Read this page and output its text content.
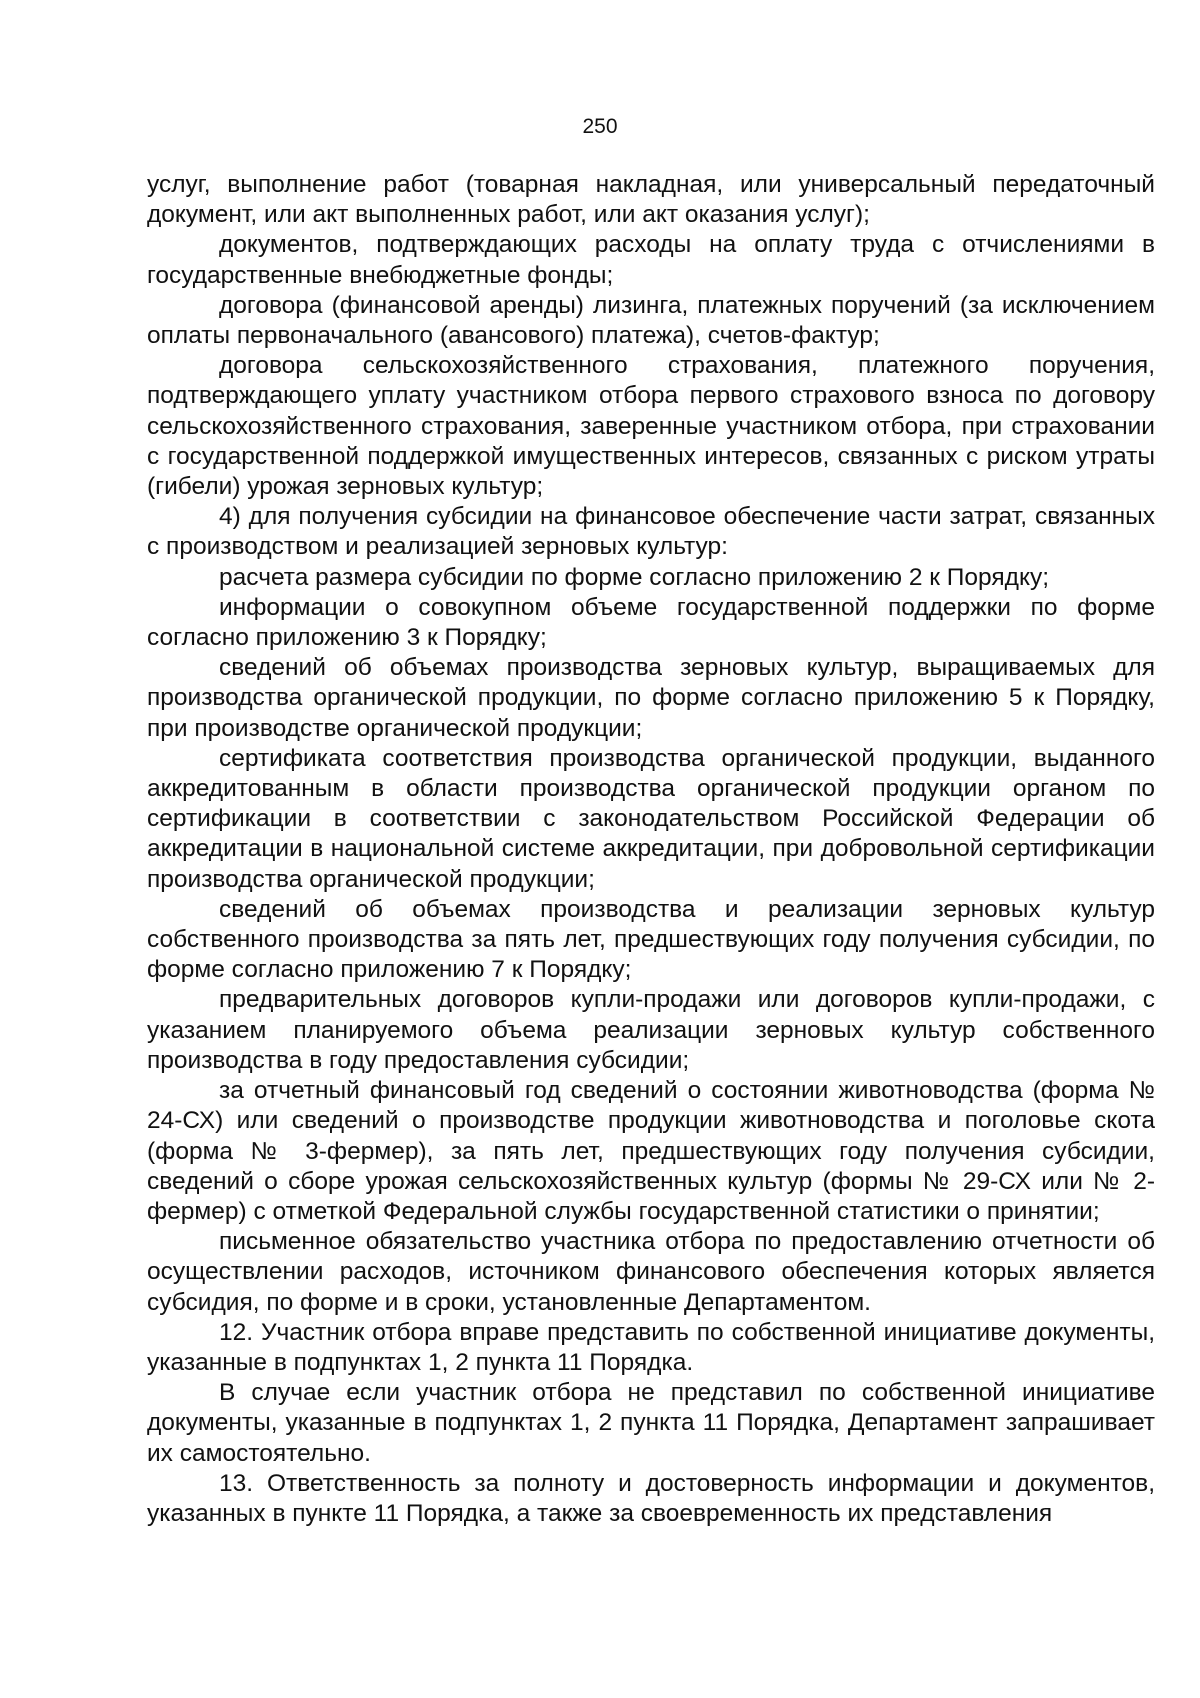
250

услуг, выполнение работ (товарная накладная, или универсальный передаточный документ, или акт выполненных работ, или акт оказания услуг);

документов, подтверждающих расходы на оплату труда с отчислениями в государственные внебюджетные фонды;

договора (финансовой аренды) лизинга, платежных поручений (за исключением оплаты первоначального (авансового) платежа), счетов-фактур;

договора сельскохозяйственного страхования, платежного поручения, подтверждающего уплату участником отбора первого страхового взноса по договору сельскохозяйственного страхования, заверенные участником отбора, при страховании с государственной поддержкой имущественных интересов, связанных с риском утраты (гибели) урожая зерновых культур;

4) для получения субсидии на финансовое обеспечение части затрат, связанных с производством и реализацией зерновых культур:

расчета размера субсидии по форме согласно приложению 2 к Порядку;

информации о совокупном объеме государственной поддержки по форме согласно приложению 3 к Порядку;

сведений об объемах производства зерновых культур, выращиваемых для производства органической продукции, по форме согласно приложению 5 к Порядку, при производстве органической продукции;

сертификата соответствия производства органической продукции, выданного аккредитованным в области производства органической продукции органом по сертификации в соответствии с законодательством Российской Федерации об аккредитации в национальной системе аккредитации, при добровольной сертификации производства органической продукции;

сведений об объемах производства и реализации зерновых культур собственного производства за пять лет, предшествующих году получения субсидии, по форме согласно приложению 7 к Порядку;

предварительных договоров купли-продажи или договоров купли-продажи, с указанием планируемого объема реализации зерновых культур собственного производства в году предоставления субсидии;

за отчетный финансовый год сведений о состоянии животноводства (форма № 24-СХ) или сведений о производстве продукции животноводства и поголовье скота (форма № 3-фермер), за пять лет, предшествующих году получения субсидии, сведений о сборе урожая сельскохозяйственных культур (формы № 29-СХ или № 2-фермер) с отметкой Федеральной службы государственной статистики о принятии;

письменное обязательство участника отбора по предоставлению отчетности об осуществлении расходов, источником финансового обеспечения которых является субсидия, по форме и в сроки, установленные Департаментом.

12. Участник отбора вправе представить по собственной инициативе документы, указанные в подпунктах 1, 2 пункта 11 Порядка.

В случае если участник отбора не представил по собственной инициативе документы, указанные в подпунктах 1, 2 пункта 11 Порядка, Департамент запрашивает их самостоятельно.

13. Ответственность за полноту и достоверность информации и документов, указанных в пункте 11 Порядка, а также за своевременность их представления
